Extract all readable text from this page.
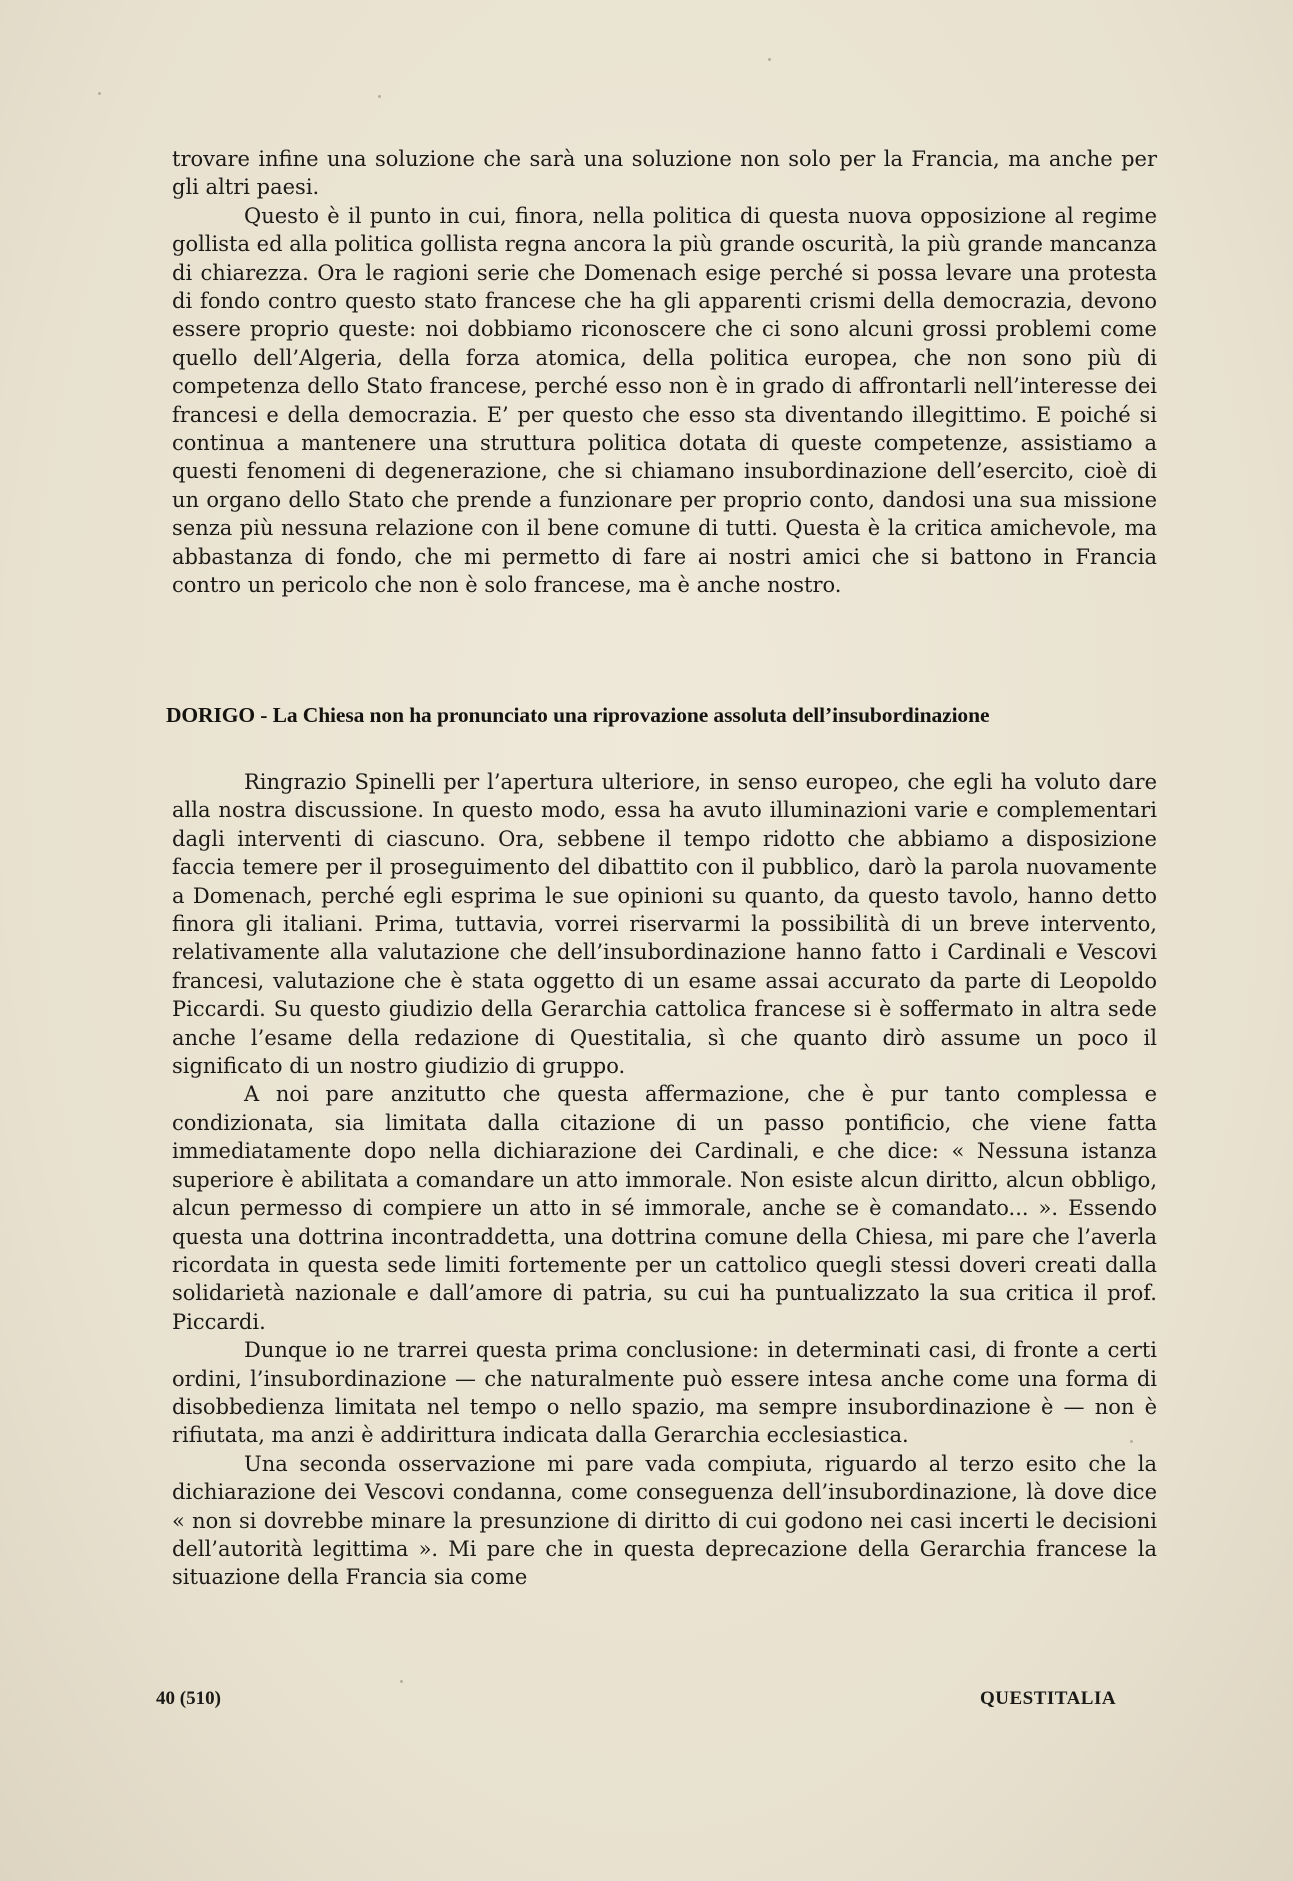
trovare infine una soluzione che sarà una soluzione non solo per la Francia, ma anche per gli altri paesi.

Questo è il punto in cui, finora, nella politica di questa nuova opposizione al regime gollista ed alla politica gollista regna ancora la più grande oscurità, la più grande mancanza di chiarezza. Ora le ragioni serie che Domenach esige perché si possa levare una protesta di fondo contro questo stato francese che ha gli apparenti crismi della democrazia, devono essere proprio queste: noi dobbiamo riconoscere che ci sono alcuni grossi problemi come quello dell’Algeria, della forza atomica, della politica europea, che non sono più di competenza dello Stato francese, perché esso non è in grado di affrontarli nell’interesse dei francesi e della democrazia. E’ per questo che esso sta diventando illegittimo. E poiché si continua a mantenere una struttura politica dotata di queste competenze, assistiamo a questi fenomeni di degenerazione, che si chiamano insubordinazione dell’esercito, cioè di un organo dello Stato che prende a funzionare per proprio conto, dandosi una sua missione senza più nessuna relazione con il bene comune di tutti. Questa è la critica amichevole, ma abbastanza di fondo, che mi permetto di fare ai nostri amici che si battono in Francia contro un pericolo che non è solo francese, ma è anche nostro.

DORIGO - La Chiesa non ha pronunciato una riprovazione assoluta dell’insubordinazione

Ringrazio Spinelli per l’apertura ulteriore, in senso europeo, che egli ha voluto dare alla nostra discussione. In questo modo, essa ha avuto illuminazioni varie e complementari dagli interventi di ciascuno. Ora, sebbene il tempo ridotto che abbiamo a disposizione faccia temere per il proseguimento del dibattito con il pubblico, darò la parola nuovamente a Domenach, perché egli esprima le sue opinioni su quanto, da questo tavolo, hanno detto finora gli italiani. Prima, tuttavia, vorrei riservarmi la possibilità di un breve intervento, relativamente alla valutazione che dell’insubordinazione hanno fatto i Cardinali e Vescovi francesi, valutazione che è stata oggetto di un esame assai accurato da parte di Leopoldo Piccardi. Su questo giudizio della Gerarchia cattolica francese si è soffermato in altra sede anche l’esame della redazione di Questitalia, sì che quanto dirò assume un poco il significato di un nostro giudizio di gruppo.

A noi pare anzitutto che questa affermazione, che è pur tanto complessa e condizionata, sia limitata dalla citazione di un passo pontificio, che viene fatta immediatamente dopo nella dichiarazione dei Cardinali, e che dice: « Nessuna istanza superiore è abilitata a comandare un atto immorale. Non esiste alcun diritto, alcun obbligo, alcun permesso di compiere un atto in sé immorale, anche se è comandato... ». Essendo questa una dottrina incontraddetta, una dottrina comune della Chiesa, mi pare che l’averla ricordata in questa sede limiti fortemente per un cattolico quegli stessi doveri creati dalla solidarietà nazionale e dall’amore di patria, su cui ha puntualizzato la sua critica il prof. Piccardi.

Dunque io ne trarrei questa prima conclusione: in determinati casi, di fronte a certi ordini, l’insubordinazione — che naturalmente può essere intesa anche come una forma di disobbedienza limitata nel tempo o nello spazio, ma sempre insubordinazione è — non è rifiutata, ma anzi è addirittura indicata dalla Gerarchia ecclesiastica.

Una seconda osservazione mi pare vada compiuta, riguardo al terzo esito che la dichiarazione dei Vescovi condanna, come conseguenza dell’insubordinazione, là dove dice « non si dovrebbe minare la presunzione di diritto di cui godono nei casi incerti le decisioni dell’autorità legittima ». Mi pare che in questa deprecazione della Gerarchia francese la situazione della Francia sia come

40 (510)	QUESTITALIA
